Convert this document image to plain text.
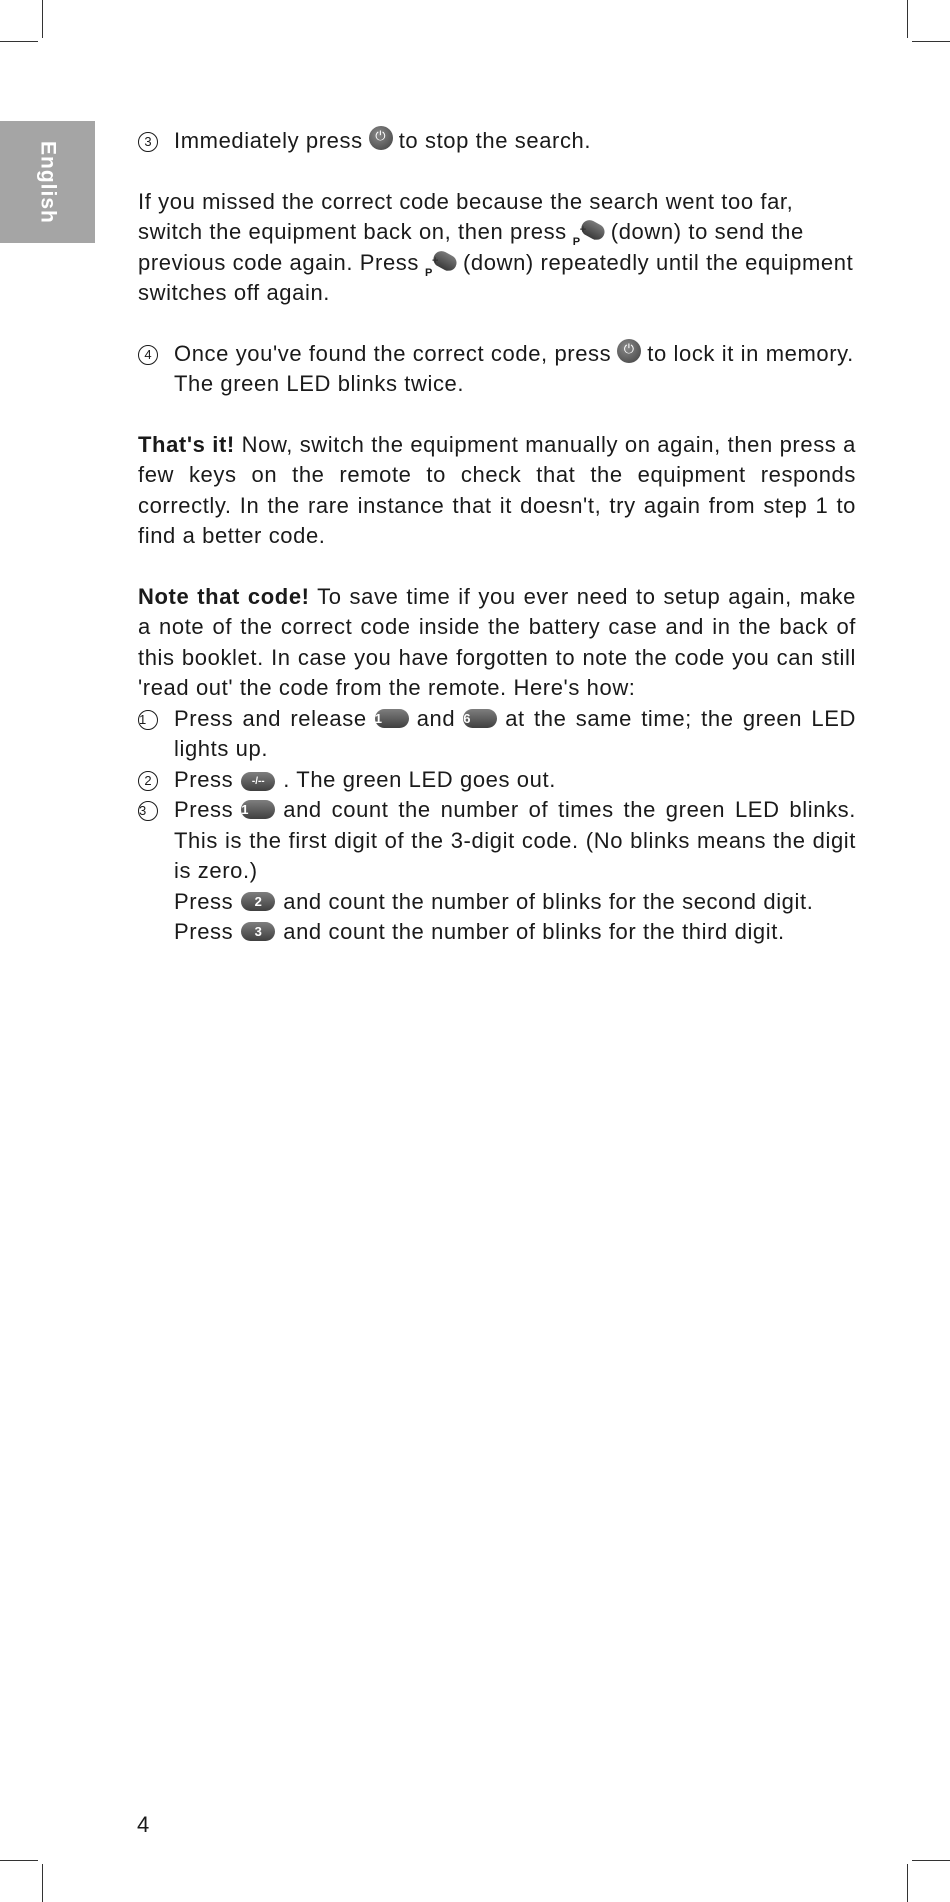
English	3 Immediately press ⏻ to stop the search.

If you missed the correct code because the search went too far, switch the equipment back on, then press +
−
P (down) to send the previous code again. Press +
−
P (down) repeatedly until the equipment switches off again.

4 Once you've found the correct code, press ⏻ to lock it in memory. The green LED blinks twice.

That's it! Now, switch the equipment manually on again, then press a few keys on the remote to check that the equipment responds correctly. In the rare instance that it doesn't, try again from step 1 to find a better code.

Note that code! To save time if you ever need to setup again, make a note of the correct code inside the battery case and in the back of this booklet. In case you have forgotten to note the code you can still 'read out' the code from the remote. Here's how:

1	Press and release 1 and 6 at the same time; the green LED lights up.

2 Press -/-- . The green LED goes out.

3	Press 1 and count the number of times the green LED blinks. This is the first digit of the 3-digit code. (No blinks means the digit is zero.)

Press 2 and count the number of blinks for the second digit.

Press 3 and count the number of blinks for the third digit.

4
